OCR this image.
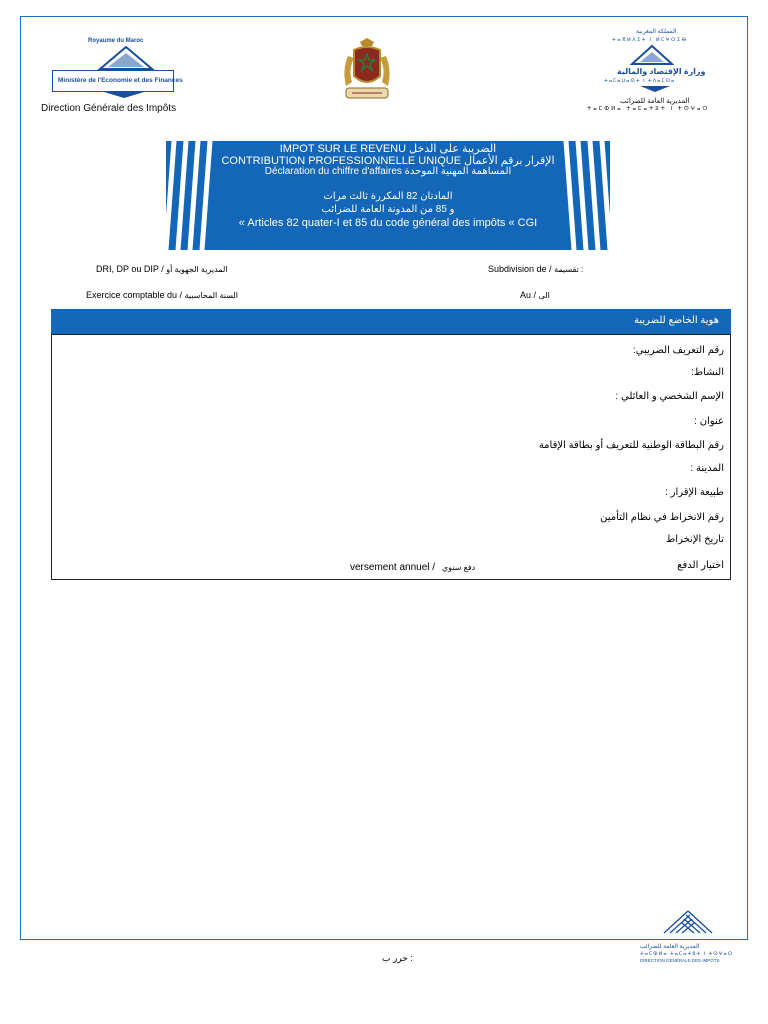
Royaume du Maroc
Ministère de l'Economie et des Finances
Direction Générale des Impôts
المملكة المغربية
ⵜⴰⴳⵍⴷⵉⵜ ⵏ ⵍⵎⵖⵔⵉⴱ
وزارة الإقتصاد والمالية
ⵜⴰⵎⴰⵡⴰⵙⵜ ⵏ ⵜⴷⴰⵎⵙⴰ
المديرية العامة للضرائب
ⵜⴰⵎⵀⵍⴰ ⵜⴰⵎⴰⵜⵓⵜ ⵏ ⵜⵙⵖⴰⵔ
IMPOT SUR LE REVENU الضريبة على الدخل
CONTRIBUTION PROFESSIONNELLE UNIQUE الإقرار برقم الأعمال
Déclaration du chiffre d'affaires المساهمة المهنية الموحدة
المادتان 82 المكررة ثالث مرات
و 85 من المدونة العامة للضرائب
« Articles 82 quater-I et 85 du code général des impôts « CGI
DRI, DP ou DIP / المديرية الجهوية أو	Subdivision de / تقسيمة :
Exercice comptable du / السنة المحاسبية	Au / الى
هوية الخاضع للضريبة
رقم التعريف الضريبي:
النشاط:
الإسم الشخصي و العائلي :
عنوان :
رقم البطاقة الوطنية للتعريف أو بطاقة الإقامة
المدينة :
طبيعة الإقرار :
رقم الانخراط في نظام التأمين
تاريخ الإنخراط
اختيار الدفع
versement annuel / دفع سنوي
المديرية العامة للضرائب
ⵜⴰⵎⵀⵍⴰ ⵜⴰⵎⴰⵜⵓⵜ ⵏ ⵜⵙⵖⴰⵔ
DIRECTION GÉNÉRALE DES IMPÔTS
حرر ب :
